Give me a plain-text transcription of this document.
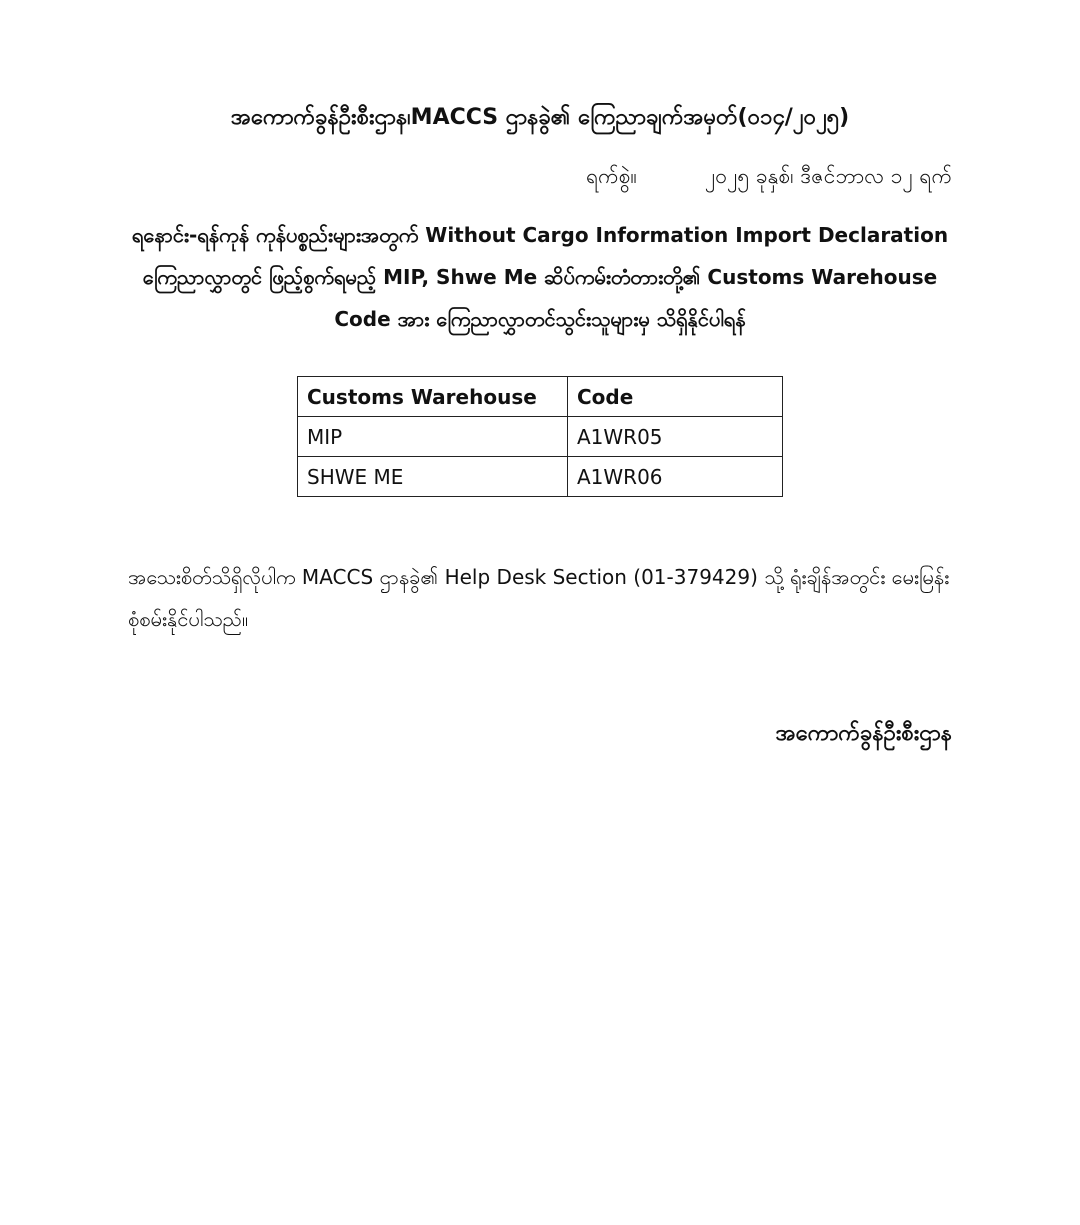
အကောက်ခွန်ဦးစီးဌာန၊MACCS ဌာနခွဲ၏ ကြေညာချက်အမှတ်(၀၁၄/၂၀၂၅)
ရက်စွဲ။	၂၀၂၅ ခုနှစ်၊ ဒီဇင်ဘာလ ၁၂ ရက်
ရနောင်း-ရန်ကုန် ကုန်ပစ္စည်းများအတွက် Without Cargo Information Import Declaration ကြေညာလွှာတွင် ဖြည့်စွက်ရမည့် MIP, Shwe Me ဆိပ်ကမ်းတံတားတို့၏ Customs Warehouse Code အား ကြေညာလွှာတင်သွင်းသူများမှ သိရှိနိုင်ပါရန်
Customs Warehouse	Code
MIP	A1WR05
SHWE ME	A1WR06
အသေးစိတ်သိရှိလိုပါက MACCS ဌာနခွဲ၏ Help Desk Section (01-379429) သို့ ရုံးချိန်အတွင်း မေးမြန်းစုံစမ်းနိုင်ပါသည်။
အကောက်ခွန်ဦးစီးဌာန
